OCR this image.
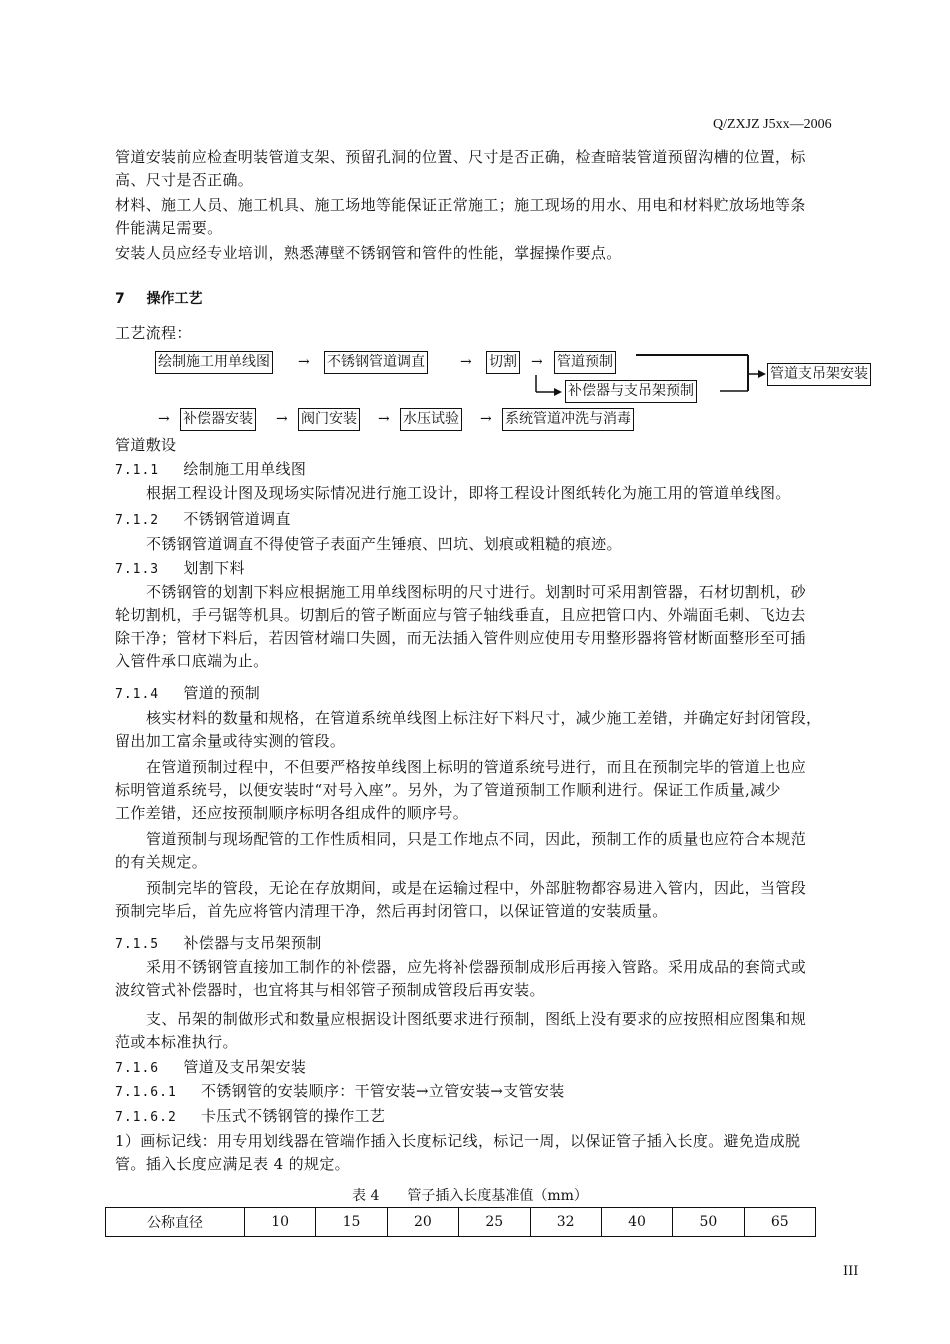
Q/ZXJZ J5xx—2006
管道安装前应检查明装管道支架、预留孔洞的位置、尺寸是否正确，检查暗装管道预留沟槽的位置，标
高、尺寸是否正确。
材料、施工人员、施工机具、施工场地等能保证正常施工；施工现场的用水、用电和材料贮放场地等条
件能满足需要。
安装人员应经专业培训，熟悉薄壁不锈钢管和管件的性能，掌握操作要点。
7 操作工艺
工艺流程：
绘制施工用单线图 → 不锈钢管道调直	→ 切割 → 管道预制
补偿器与支吊架预制
管道支吊架安装
→ 补偿器安装 → 阀门安装 → 水压试验 → 系统管道冲洗与消毒
管道敷设
7.1.1 绘制施工用单线图
根据工程设计图及现场实际情况进行施工设计，即将工程设计图纸转化为施工用的管道单线图。
7.1.2 不锈钢管道调直
不锈钢管道调直不得使管子表面产生锤痕、凹坑、划痕或粗糙的痕迹。
7.1.3 划割下料
不锈钢管的划割下料应根据施工用单线图标明的尺寸进行。划割时可采用割管器，石材切割机，砂
轮切割机，手弓锯等机具。切割后的管子断面应与管子轴线垂直，且应把管口内、外端面毛刺、飞边去
除干净；管材下料后，若因管材端口失圆，而无法插入管件则应使用专用整形器将管材断面整形至可插
入管件承口底端为止。
7.1.4 管道的预制
核实材料的数量和规格，在管道系统单线图上标注好下料尺寸，减少施工差错，并确定好封闭管段，
留出加工富余量或待实测的管段。
在管道预制过程中，不但要严格按单线图上标明的管道系统号进行，而且在预制完毕的管道上也应
标明管道系统号，以便安装时“对号入座”。另外，为了管道预制工作顺利进行。保证工作质量,减少
工作差错，还应按预制顺序标明各组成件的顺序号。
管道预制与现场配管的工作性质相同，只是工作地点不同，因此，预制工作的质量也应符合本规范
的有关规定。
预制完毕的管段，无论在存放期间，或是在运输过程中，外部脏物都容易进入管内，因此，当管段
预制完毕后，首先应将管内清理干净，然后再封闭管口，以保证管道的安装质量。
7.1.5 补偿器与支吊架预制
采用不锈钢管直接加工制作的补偿器，应先将补偿器预制成形后再接入管路。采用成品的套筒式或
波纹管式补偿器时，也宜将其与相邻管子预制成管段后再安装。
支、吊架的制做形式和数量应根据设计图纸要求进行预制，图纸上没有要求的应按照相应图集和规
范或本标准执行。
7.1.6 管道及支吊架安装
7.1.6.1 不锈钢管的安装顺序：干管安装→立管安装→支管安装
7.1.6.2 卡压式不锈钢管的操作工艺
1）画标记线：用专用划线器在管端作插入长度标记线，标记一周，以保证管子插入长度。避免造成脱
管。插入长度应满足表 4 的规定。
表 4　　管子插入长度基准值（mm）
公称直径	10	15	20	25	32	40	50	65
III
